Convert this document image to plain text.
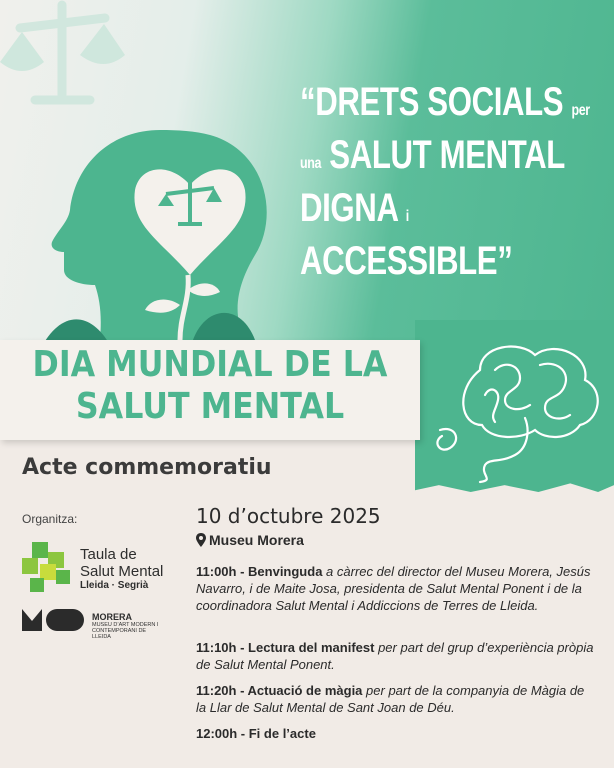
“DRETS SOCIALS per
una SALUT MENTAL
DIGNA i
ACCESSIBLE”
DIA MUNDIAL DE LA
SALUT MENTAL
Acte commemoratiu
Organitza:
Taula de
Salut Mental
Lleida · Segrià
MORERA
MUSEU D’ART MODERN I CONTEMPORANI DE LLEIDA
10 d’octubre 2025
Museu Morera
11:00h - Benvinguda a càrrec del director del Museu Morera, Jesús Navarro, i de Maite Josa, presidenta de Salut Mental Ponent i de la coordinadora Salut Mental i Addiccions de Terres de Lleida.
11:10h - Lectura del manifest per part del grup d’experiència pròpia de Salut Mental Ponent.
11:20h - Actuació de màgia per part de la companyia de Màgia de la Llar de Salut Mental de Sant Joan de Déu.
12:00h - Fi de l’acte
